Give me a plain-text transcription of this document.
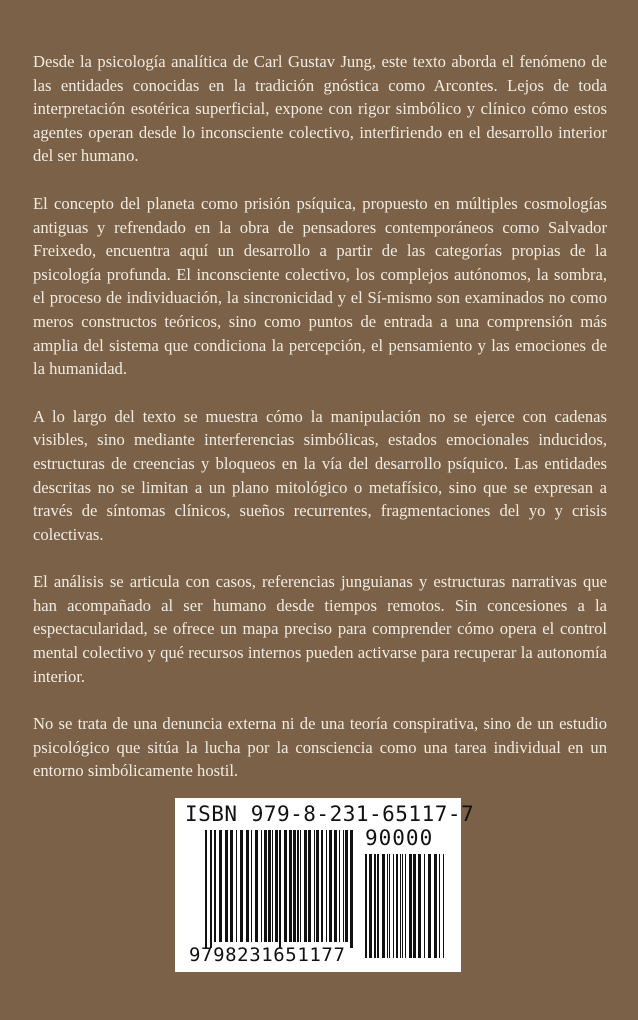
Desde la psicología analítica de Carl Gustav Jung, este texto aborda el fenómeno de las entidades conocidas en la tradición gnóstica como Arcontes. Lejos de toda interpretación esotérica superficial, expone con rigor simbólico y clínico cómo estos agentes operan desde lo inconsciente colectivo, interfiriendo en el desarrollo interior del ser humano.

El concepto del planeta como prisión psíquica, propuesto en múltiples cosmologías antiguas y refrendado en la obra de pensadores contemporáneos como Salvador Freixedo, encuentra aquí un desarrollo a partir de las categorías propias de la psicología profunda. El inconsciente colectivo, los complejos autónomos, la sombra, el proceso de individuación, la sincronicidad y el Sí-mismo son examinados no como meros constructos teóricos, sino como puntos de entrada a una comprensión más amplia del sistema que condiciona la percepción, el pensamiento y las emociones de la humanidad.

A lo largo del texto se muestra cómo la manipulación no se ejerce con cadenas visibles, sino mediante interferencias simbólicas, estados emocionales inducidos, estructuras de creencias y bloqueos en la vía del desarrollo psíquico. Las entidades descritas no se limitan a un plano mitológico o metafísico, sino que se expresan a través de síntomas clínicos, sueños recurrentes, fragmentaciones del yo y crisis colectivas.

El análisis se articula con casos, referencias junguianas y estructuras narrativas que han acompañado al ser humano desde tiempos remotos. Sin concesiones a la espectacularidad, se ofrece un mapa preciso para comprender cómo opera el control mental colectivo y qué recursos internos pueden activarse para recuperar la autonomía interior.

No se trata de una denuncia externa ni de una teoría conspirativa, sino de un estudio psicológico que sitúa la lucha por la consciencia como una tarea individual en un entorno simbólicamente hostil.

ISBN 979-8-231-65117-7
90000
9798231651177
